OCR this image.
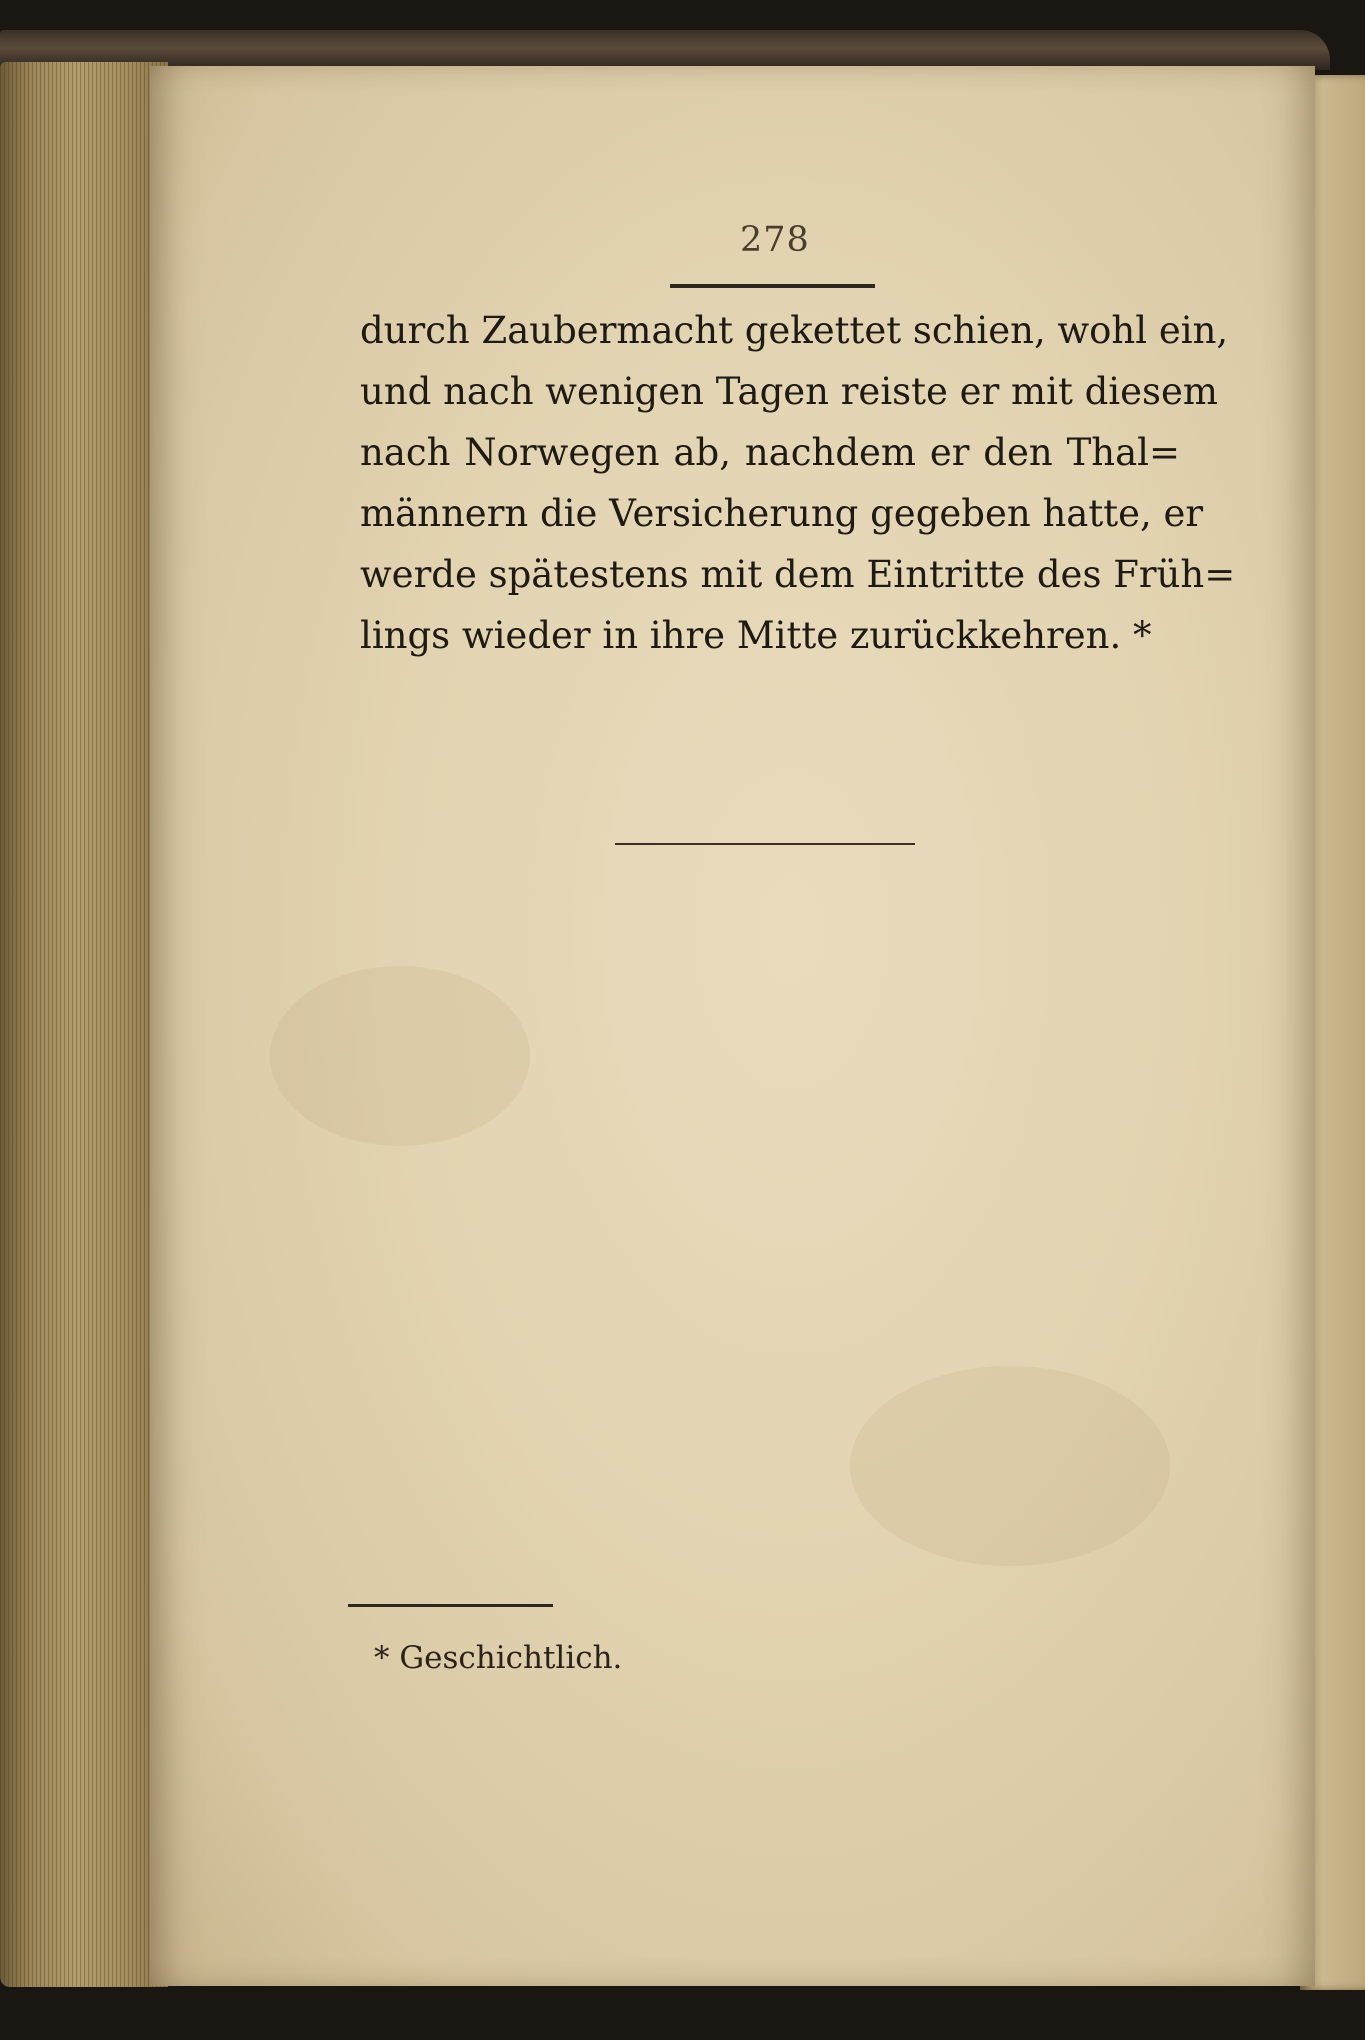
278
durch Zaubermacht gekettet schien, wohl ein,
und nach wenigen Tagen reiste er mit diesem
nach Norwegen ab, nachdem er den Thal=
männern die Versicherung gegeben hatte, er
werde spätestens mit dem Eintritte des Früh=
lings wieder in ihre Mitte zurückkehren. *
* Geschichtlich.
